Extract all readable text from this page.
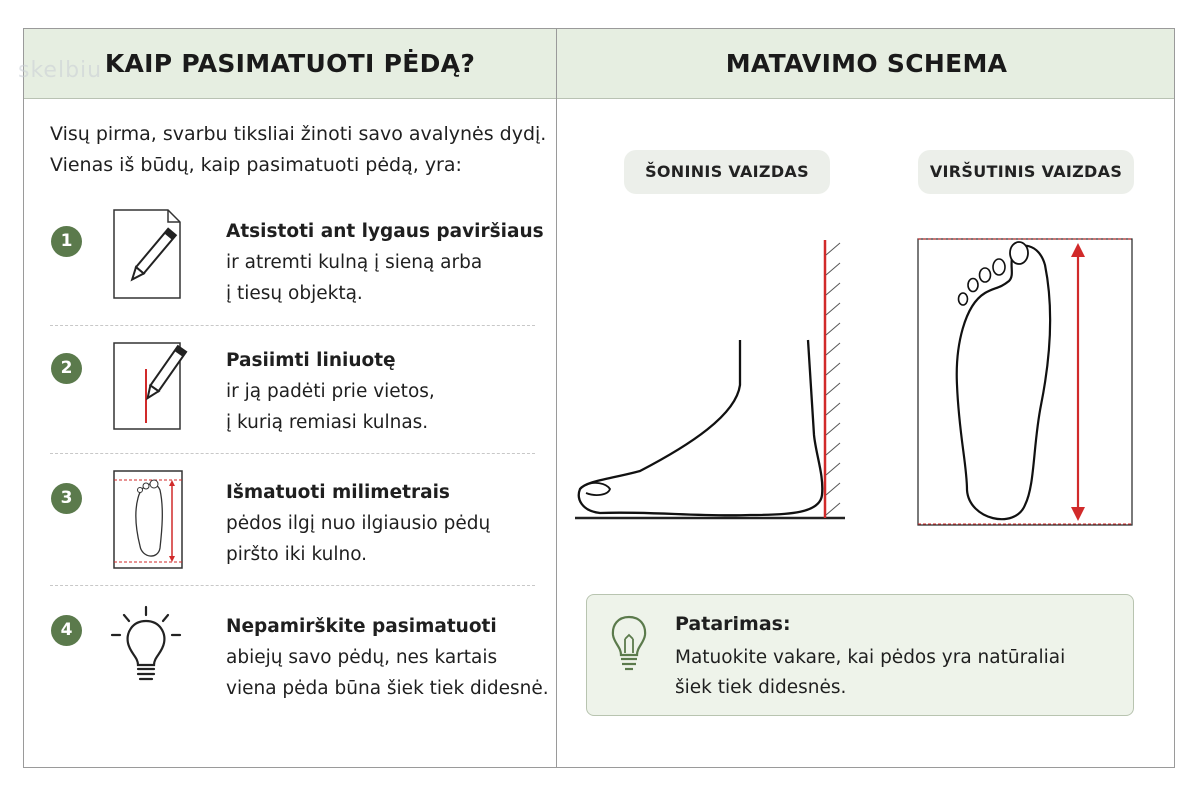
KAIP PASIMATUOTI PĖDĄ?	MATAVIMO SCHEMA
skelbiu
Visų pirma, svarbu tiksliai žinoti savo avalynės dydį.
Vienas iš būdų, kaip pasimatuoti pėdą, yra:
1	Atsistoti ant lygaus paviršiaus
ir atremti kulną į sieną arba
į tiesų objektą.
2	Pasiimti liniuotę
ir ją padėti prie vietos,
į kurią remiasi kulnas.
3	Išmatuoti milimetrais
pėdos ilgį nuo ilgiausio pėdų
piršto iki kulno.
4	Nepamirškite pasimatuoti
abiejų savo pėdų, nes kartais
viena pėda būna šiek tiek didesnė.
ŠONINIS VAIZDAS	VIRŠUTINIS VAIZDAS
Patarimas:
Matuokite vakare, kai pėdos yra natūraliai
šiek tiek didesnės.
